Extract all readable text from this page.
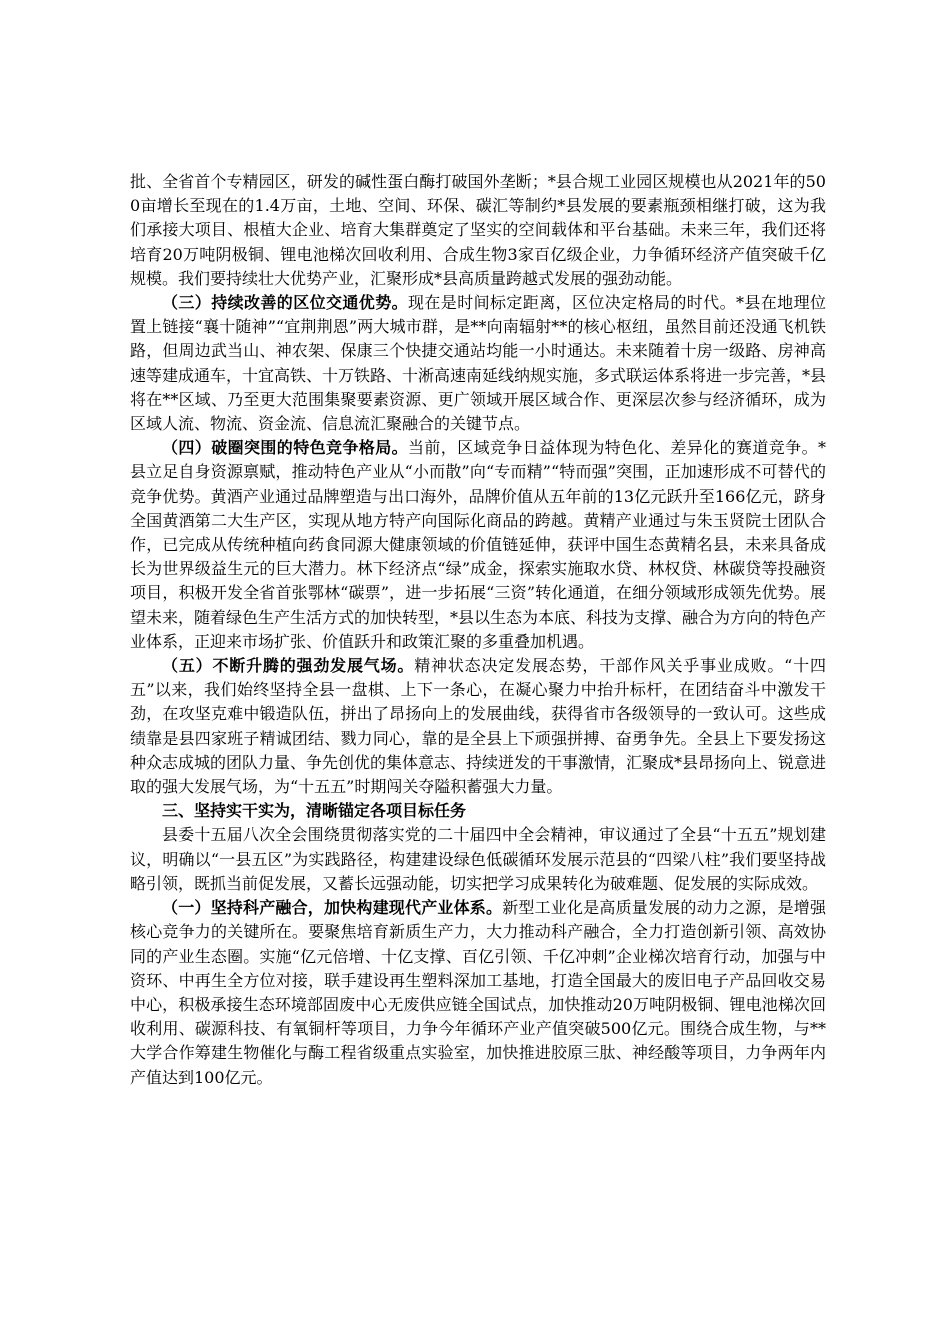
批、全省首个专精园区，研发的碱性蛋白酶打破国外垄断；*县合规工业园区规模也从2021年的500亩增长至现在的1.4万亩，土地、空间、环保、碳汇等制约*县发展的要素瓶颈相继打破，这为我们承接大项目、根植大企业、培育大集群奠定了坚实的空间载体和平台基础。未来三年，我们还将培育20万吨阴极铜、锂电池梯次回收利用、合成生物3家百亿级企业，力争循环经济产值突破千亿规模。我们要持续壮大优势产业，汇聚形成*县高质量跨越式发展的强劲动能。

（三）持续改善的区位交通优势。现在是时间标定距离，区位决定格局的时代。*县在地理位置上链接“襄十随神”“宜荆荆恩”两大城市群，是**向南辐射**的核心枢纽，虽然目前还没通飞机铁路，但周边武当山、神农架、保康三个快捷交通站均能一小时通达。未来随着十房一级路、房神高速等建成通车，十宜高铁、十万铁路、十淅高速南延线纳规实施，多式联运体系将进一步完善，*县将在**区域、乃至更大范围集聚要素资源、更广领域开展区域合作、更深层次参与经济循环，成为区域人流、物流、资金流、信息流汇聚融合的关键节点。

（四）破圈突围的特色竞争格局。当前，区域竞争日益体现为特色化、差异化的赛道竞争。*县立足自身资源禀赋，推动特色产业从“小而散”向“专而精”“特而强”突围，正加速形成不可替代的竞争优势。黄酒产业通过品牌塑造与出口海外，品牌价值从五年前的13亿元跃升至166亿元，跻身全国黄酒第二大生产区，实现从地方特产向国际化商品的跨越。黄精产业通过与朱玉贤院士团队合作，已完成从传统种植向药食同源大健康领域的价值链延伸，获评中国生态黄精名县，未来具备成长为世界级益生元的巨大潜力。林下经济点“绿”成金，探索实施取水贷、林权贷、林碳贷等投融资项目，积极开发全省首张鄂林“碳票”，进一步拓展“三资”转化通道，在细分领域形成领先优势。展望未来，随着绿色生产生活方式的加快转型，*县以生态为本底、科技为支撑、融合为方向的特色产业体系，正迎来市场扩张、价值跃升和政策汇聚的多重叠加机遇。

（五）不断升腾的强劲发展气场。精神状态决定发展态势，干部作风关乎事业成败。“十四五”以来，我们始终坚持全县一盘棋、上下一条心，在凝心聚力中抬升标杆，在团结奋斗中激发干劲，在攻坚克难中锻造队伍，拼出了昂扬向上的发展曲线，获得省市各级领导的一致认可。这些成绩靠是县四家班子精诚团结、戮力同心，靠的是全县上下顽强拼搏、奋勇争先。全县上下要发扬这种众志成城的团队力量、争先创优的集体意志、持续迸发的干事激情，汇聚成*县昂扬向上、锐意进取的强大发展气场，为“十五五”时期闯关夺隘积蓄强大力量。

三、坚持实干实为，清晰锚定各项目标任务

县委十五届八次全会围绕贯彻落实党的二十届四中全会精神，审议通过了全县“十五五”规划建议，明确以“一县五区”为实践路径，构建建设绿色低碳循环发展示范县的“四梁八柱”我们要坚持战略引领，既抓当前促发展，又蓄长远强动能，切实把学习成果转化为破难题、促发展的实际成效。

（一）坚持科产融合，加快构建现代产业体系。新型工业化是高质量发展的动力之源，是增强核心竞争力的关键所在。要聚焦培育新质生产力，大力推动科产融合，全力打造创新引领、高效协同的产业生态圈。实施“亿元倍增、十亿支撑、百亿引领、千亿冲刺”企业梯次培育行动，加强与中资环、中再生全方位对接，联手建设再生塑料深加工基地，打造全国最大的废旧电子产品回收交易中心，积极承接生态环境部固废中心无废供应链全国试点，加快推动20万吨阴极铜、锂电池梯次回收利用、碳源科技、有氧铜杆等项目，力争今年循环产业产值突破500亿元。围绕合成生物，与**大学合作筹建生物催化与酶工程省级重点实验室，加快推进胶原三肽、神经酸等项目，力争两年内产值达到100亿元。
